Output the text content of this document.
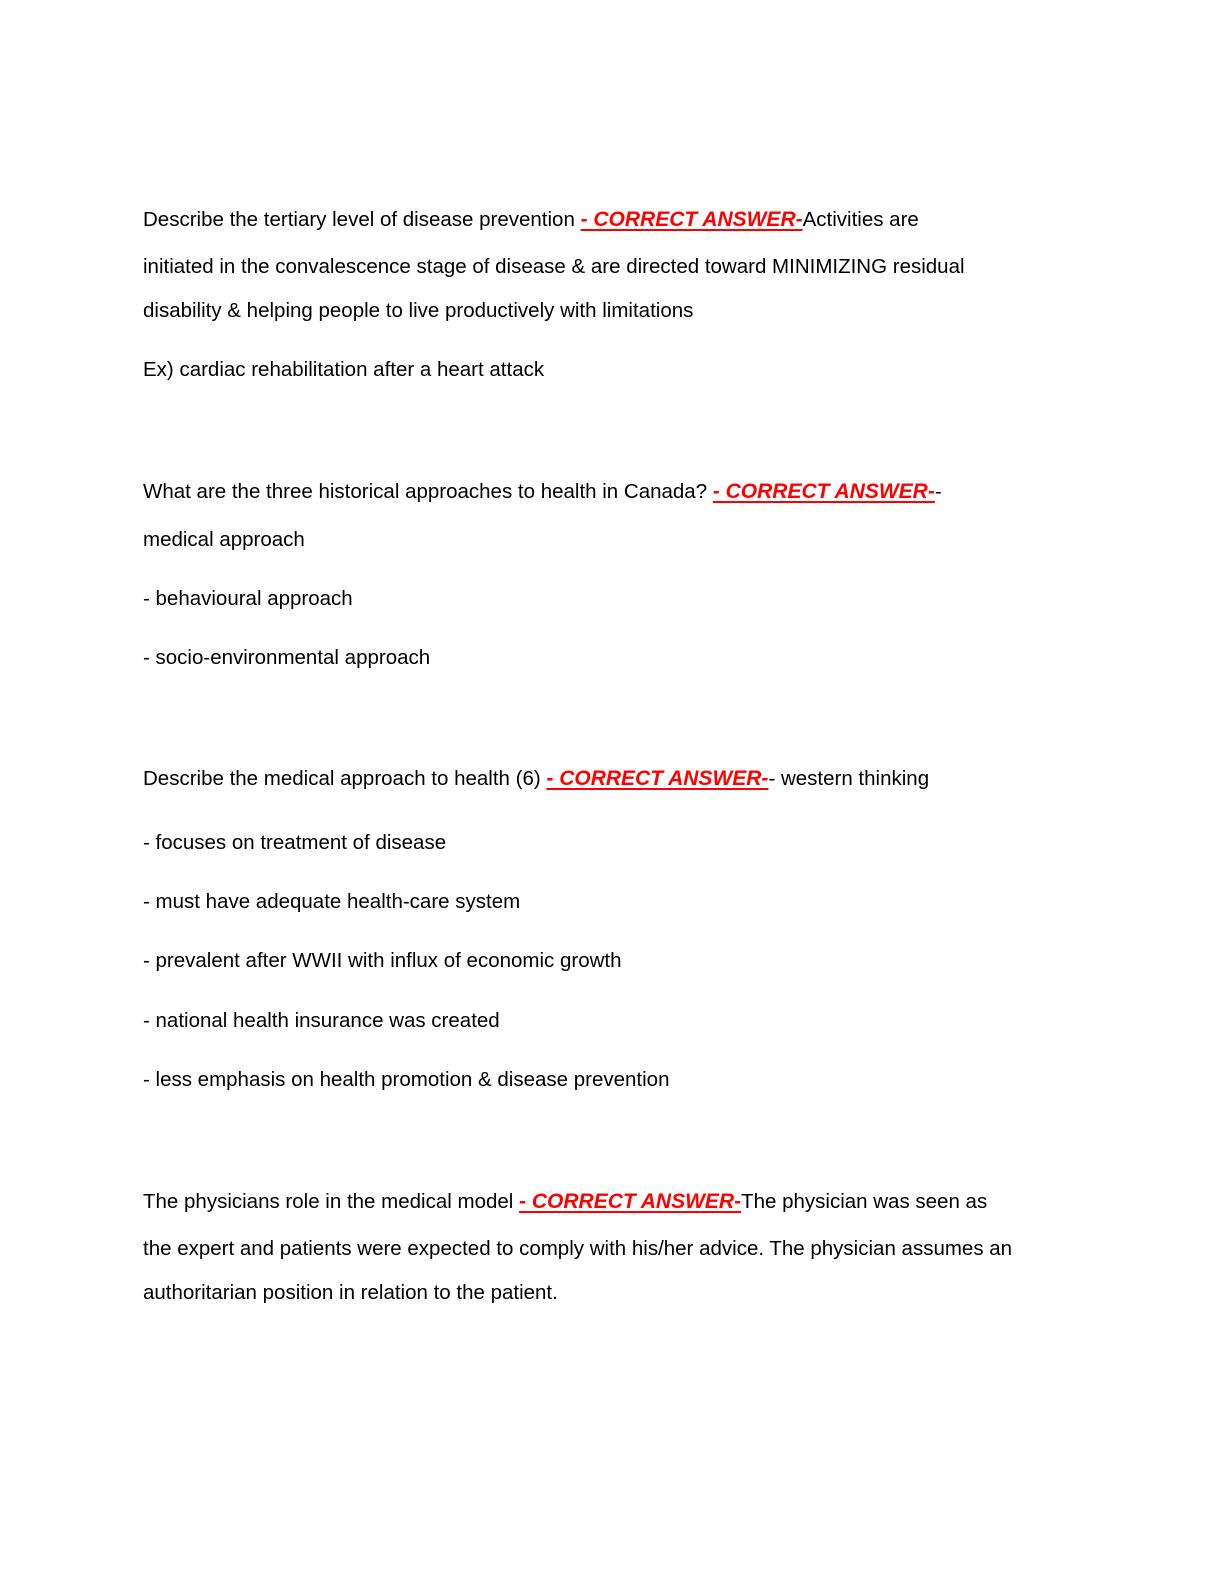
Describe the tertiary level of disease prevention - CORRECT ANSWER-Activities are
initiated in the convalescence stage of disease & are directed toward MINIMIZING residual
disability & helping people to live productively with limitations
Ex) cardiac rehabilitation after a heart attack
What are the three historical approaches to health in Canada? - CORRECT ANSWER--
medical approach
- behavioural approach
- socio-environmental approach
Describe the medical approach to health (6) - CORRECT ANSWER-- western thinking
- focuses on treatment of disease
- must have adequate health-care system
- prevalent after WWII with influx of economic growth
- national health insurance was created
- less emphasis on health promotion & disease prevention
The physicians role in the medical model - CORRECT ANSWER-The physician was seen as
the expert and patients were expected to comply with his/her advice. The physician assumes an
authoritarian position in relation to the patient.
